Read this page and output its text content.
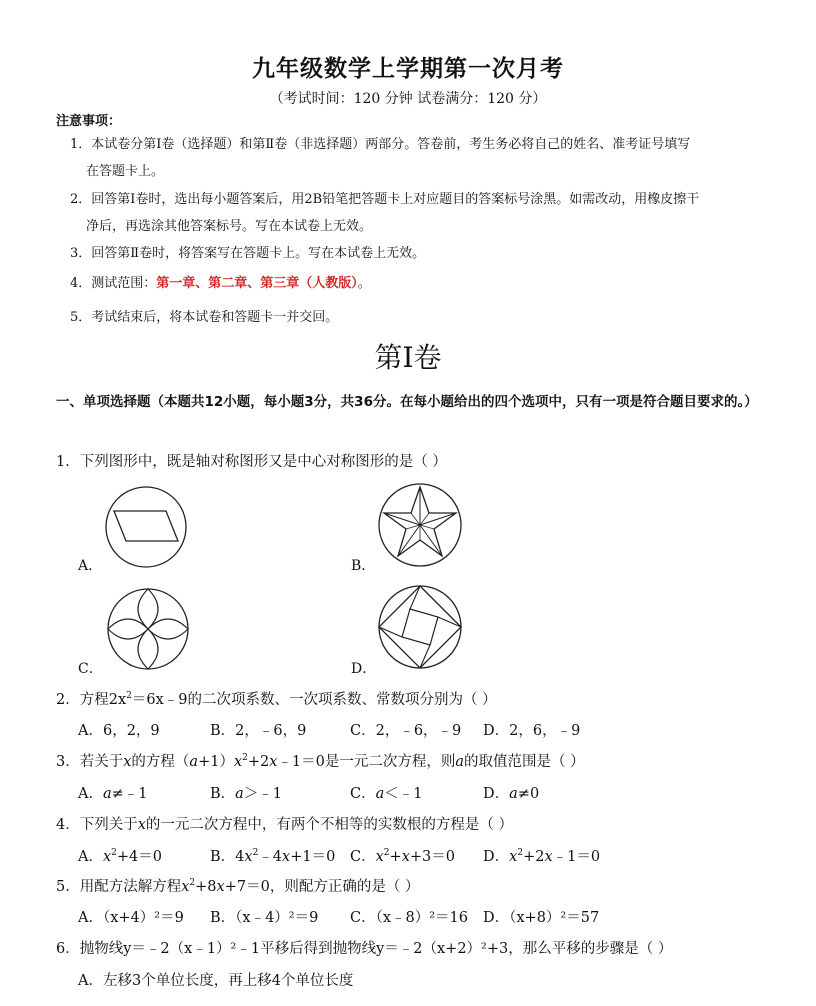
九年级数学上学期第一次月考
（考试时间：120 分钟 试卷满分：120 分）
注意事项：
1．本试卷分第Ⅰ卷（选择题）和第Ⅱ卷（非选择题）两部分。答卷前，考生务必将自己的姓名、准考证号填写
在答题卡上。
2．回答第Ⅰ卷时，选出每小题答案后，用2B铅笔把答题卡上对应题目的答案标号涂黑。如需改动，用橡皮擦干
净后，再选涂其他答案标号。写在本试卷上无效。
3．回答第Ⅱ卷时，将答案写在答题卡上。写在本试卷上无效。
4．测试范围：第一章、第二章、第三章（人教版）。
5．考试结束后，将本试卷和答题卡一并交回。
第Ⅰ卷
一、单项选择题（本题共12小题，每小题3分，共36分。在每小题给出的四个选项中，只有一项是符合题目要求的。）
1．下列图形中，既是轴对称图形又是中心对称图形的是（ ）
A．	B．
C．	D．
2．方程$2x^2=6x﹣9$的二次项系数、一次项系数、常数项分别为（ ）
A．6，2，9	B．2，﹣6，9	C．2，﹣6，﹣9 D．2，6，﹣9
3．若关于x的方程$(a+1)x^2+2x﹣1=0$是一元二次方程，则a的取值范围是（ ）
A．a≠﹣1	B．a＞﹣1	C．a＜﹣1	D．a≠0
4．下列关于x的一元二次方程中，有两个不相等的实数根的方程是（ ）
A．$x^2+4=0$	B．$4x^2﹣4x+1=0$ C．$x^2+x+3=0$ D．$x^2+2x﹣1=0$
5．用配方法解方程$x^2+8x+7=0$，则配方正确的是（ ）
A．（x+4）²＝9 B．（x﹣4）²＝9 C．（x﹣8）²＝16 D．（x+8）²＝57
6．抛物线y＝﹣2（x﹣1）²﹣1平移后得到抛物线y＝﹣2（x+2）²+3，那么平移的步骤是（ ）
A．左移3个单位长度，再上移4个单位长度
